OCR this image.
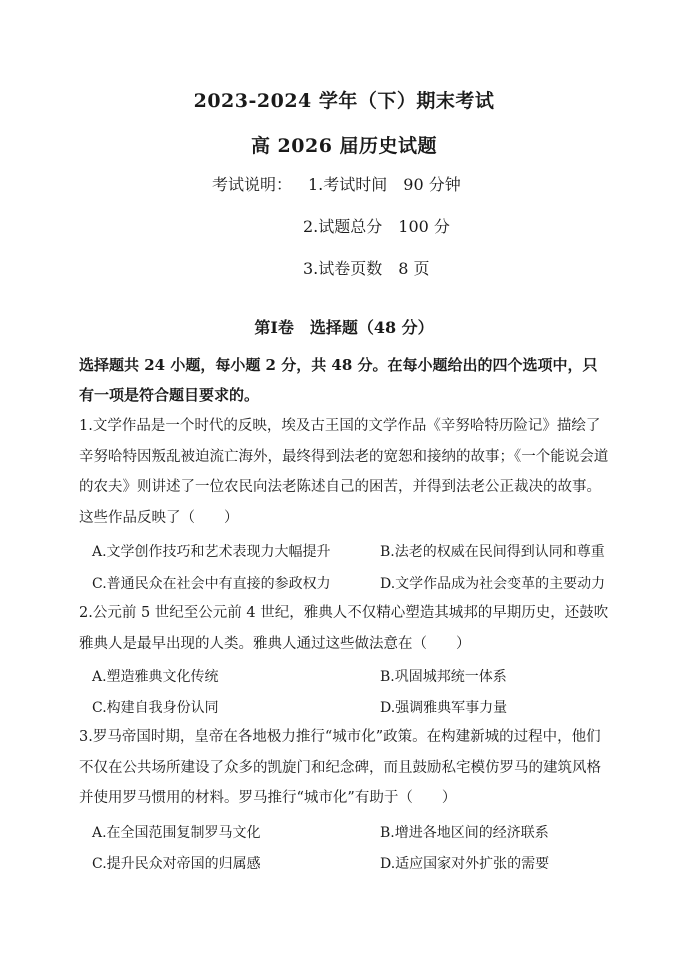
2023-2024 学年（下）期末考试
高 2026 届历史试题
考试说明： 1.考试时间　90 分钟
2.试题总分　100 分
3.试卷页数　8 页
第Ⅰ卷　选择题（48 分）
选择题共 24 小题，每小题 2 分，共 48 分。在每小题给出的四个选项中，只有一项是符合题目要求的。
1.文学作品是一个时代的反映，埃及古王国的文学作品《辛努哈特历险记》描绘了辛努哈特因叛乱被迫流亡海外，最终得到法老的宽恕和接纳的故事；《一个能说会道的农夫》则讲述了一位农民向法老陈述自己的困苦，并得到法老公正裁决的故事。这些作品反映了（　　）
A.文学创作技巧和艺术表现力大幅提升	B.法老的权威在民间得到认同和尊重
C.普通民众在社会中有直接的参政权力	D.文学作品成为社会变革的主要动力
2.公元前 5 世纪至公元前 4 世纪，雅典人不仅精心塑造其城邦的早期历史，还鼓吹雅典人是最早出现的人类。雅典人通过这些做法意在（　　）
A.塑造雅典文化传统	B.巩固城邦统一体系
C.构建自我身份认同	D.强调雅典军事力量
3.罗马帝国时期，皇帝在各地极力推行“城市化”政策。在构建新城的过程中，他们不仅在公共场所建设了众多的凯旋门和纪念碑，而且鼓励私宅模仿罗马的建筑风格并使用罗马惯用的材料。罗马推行“城市化”有助于（　　）
A.在全国范围复制罗马文化	B.增进各地区间的经济联系
C.提升民众对帝国的归属感	D.适应国家对外扩张的需要
